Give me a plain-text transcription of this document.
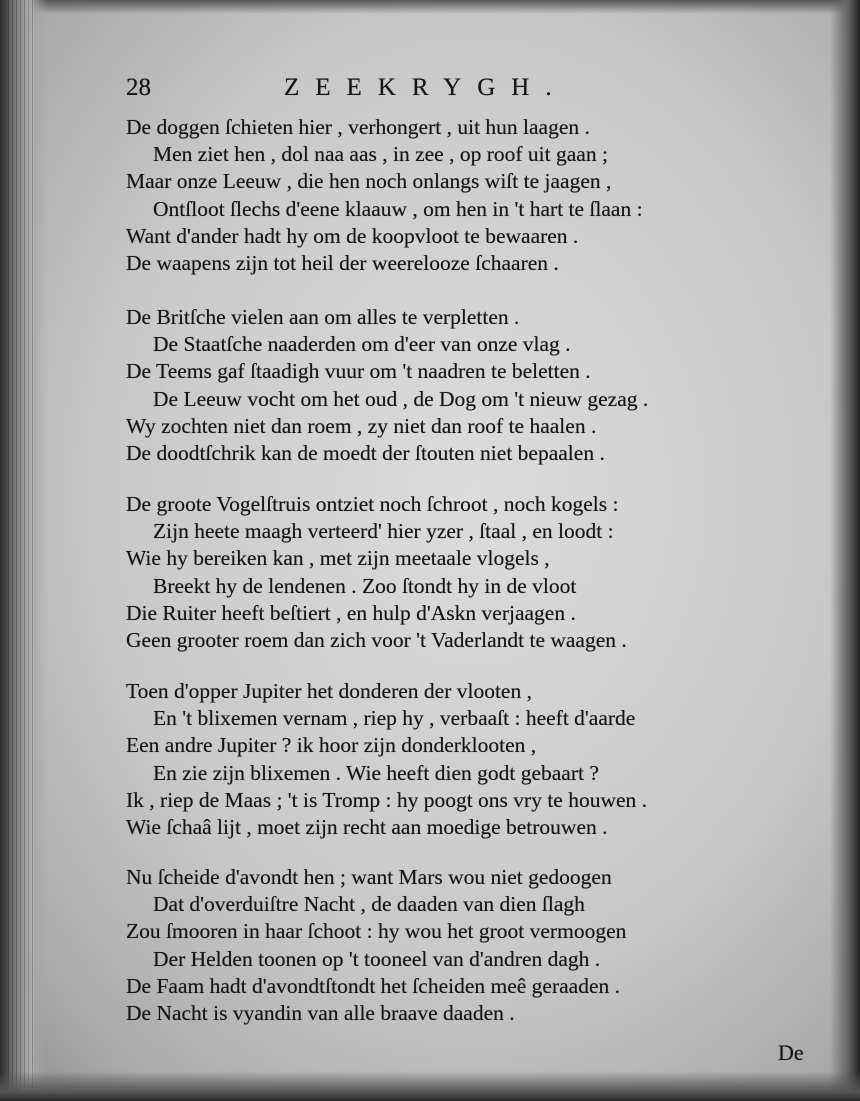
28	ZEEKRYGH.
De doggen ſchieten hier , verhongert , uit hun laagen .
Men ziet hen , dol naa aas , in zee , op roof uit gaan ;
Maar onze Leeuw , die hen noch onlangs wiſt te jaagen ,
Ontſloot ſlechs d'eene klaauw , om hen in 't hart te ſlaan :
Want d'ander hadt hy om de koopvloot te bewaaren .
De waapens zijn tot heil der weereloozе ſchaaren .
De Britſche vielen aan om alles te verpletten .
De Staatſche naaderden om d'eer van onze vlag .
De Teems gaf ſtaadigh vuur om 't naadren te beletten .
De Leeuw vocht om het oud , de Dog om 't nieuw gezag .
Wy zochten niet dan roem , zy niet dan roof te haalen .
De doodtſchrik kan de moedt der ſtouten niet bepaalen .
De groote Vogelſtruis ontziet noch ſchroot , noch kogels :
Zijn heete maagh verteerd' hier yzer , ſtaal , en loodt :
Wie hy bereiken kan , met zijn meetaale vlogels ,
Breekt hy de lendenen . Zoo ſtondt hy in de vloot
Die Ruiter heeft beſtiert , en hulp d'Askn verjaagen .
Geen grooter roem dan zich voor 't Vaderlandt te waagen .
Toen d'opper Jupiter het donderen der vlooten ,
En 't blixemen vernam , riep hy , verbaaſt : heeft d'aarde
Een andre Jupiter ? ik hoor zijn donderklooten ,
En zie zijn blixemen . Wie heeft dien godt gebaart ?
Ik , riep de Maas ; 't is Tromp : hy poogt ons vry te houwen .
Wie ſchaâ lijt , moet zijn recht aan moedige betrouwen .
Nu ſcheide d'avondt hen ; want Mars wou niet gedoogen
Dat d'overduiſtre Nacht , de daaden van dien ſlagh
Zou ſmooren in haar ſchoot : hy wou het groot vermoogen
Der Helden toonen op 't tooneel van d'andren dagh .
De Faam hadt d'avondtſtondt het ſcheiden meê geraaden .
De Nacht is vyandin van alle braave daaden .
De
